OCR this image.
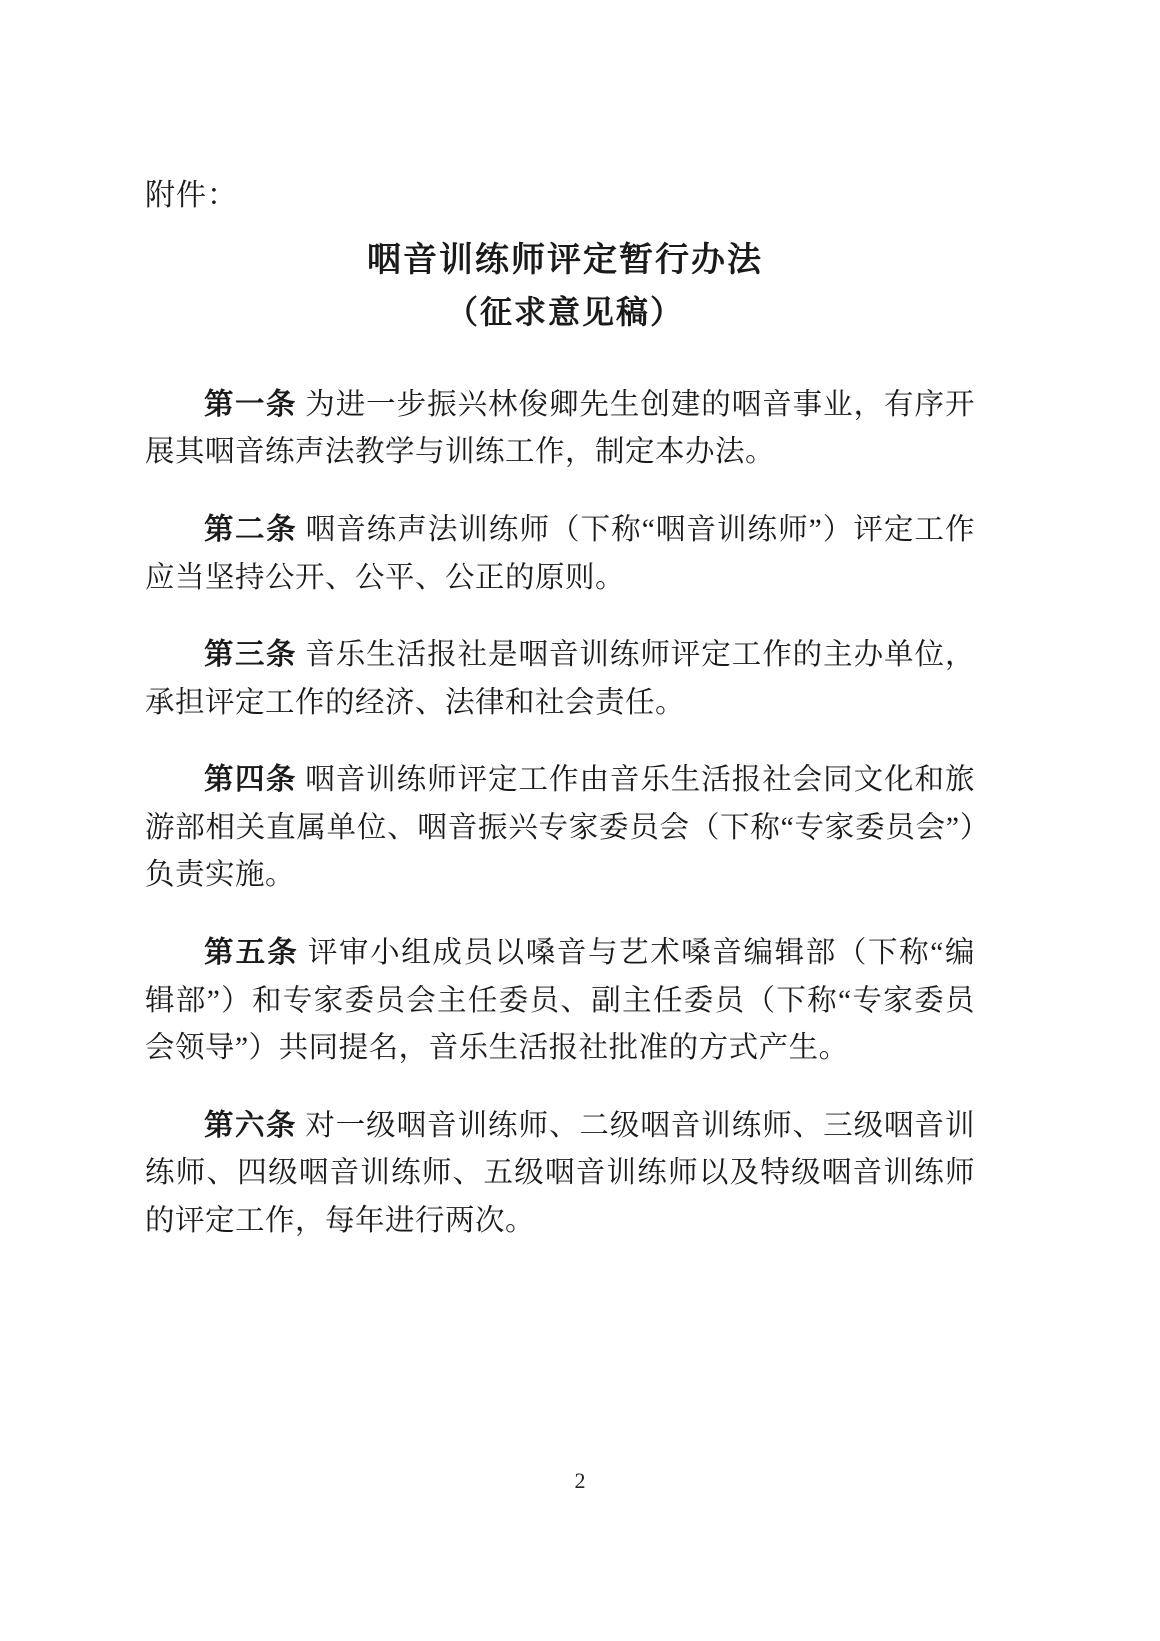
附件：
咽音训练师评定暂行办法
（征求意见稿）

第一条 为进一步振兴林俊卿先生创建的咽音事业，有序开展其咽音练声法教学与训练工作，制定本办法。

第二条 咽音练声法训练师（下称“咽音训练师”）评定工作应当坚持公开、公平、公正的原则。

第三条 音乐生活报社是咽音训练师评定工作的主办单位，承担评定工作的经济、法律和社会责任。

第四条 咽音训练师评定工作由音乐生活报社会同文化和旅游部相关直属单位、咽音振兴专家委员会（下称“专家委员会”）负责实施。

第五条 评审小组成员以嗓音与艺术嗓音编辑部（下称“编辑部”）和专家委员会主任委员、副主任委员（下称“专家委员会领导”）共同提名，音乐生活报社批准的方式产生。

第六条 对一级咽音训练师、二级咽音训练师、三级咽音训练师、四级咽音训练师、五级咽音训练师以及特级咽音训练师的评定工作，每年进行两次。

2
